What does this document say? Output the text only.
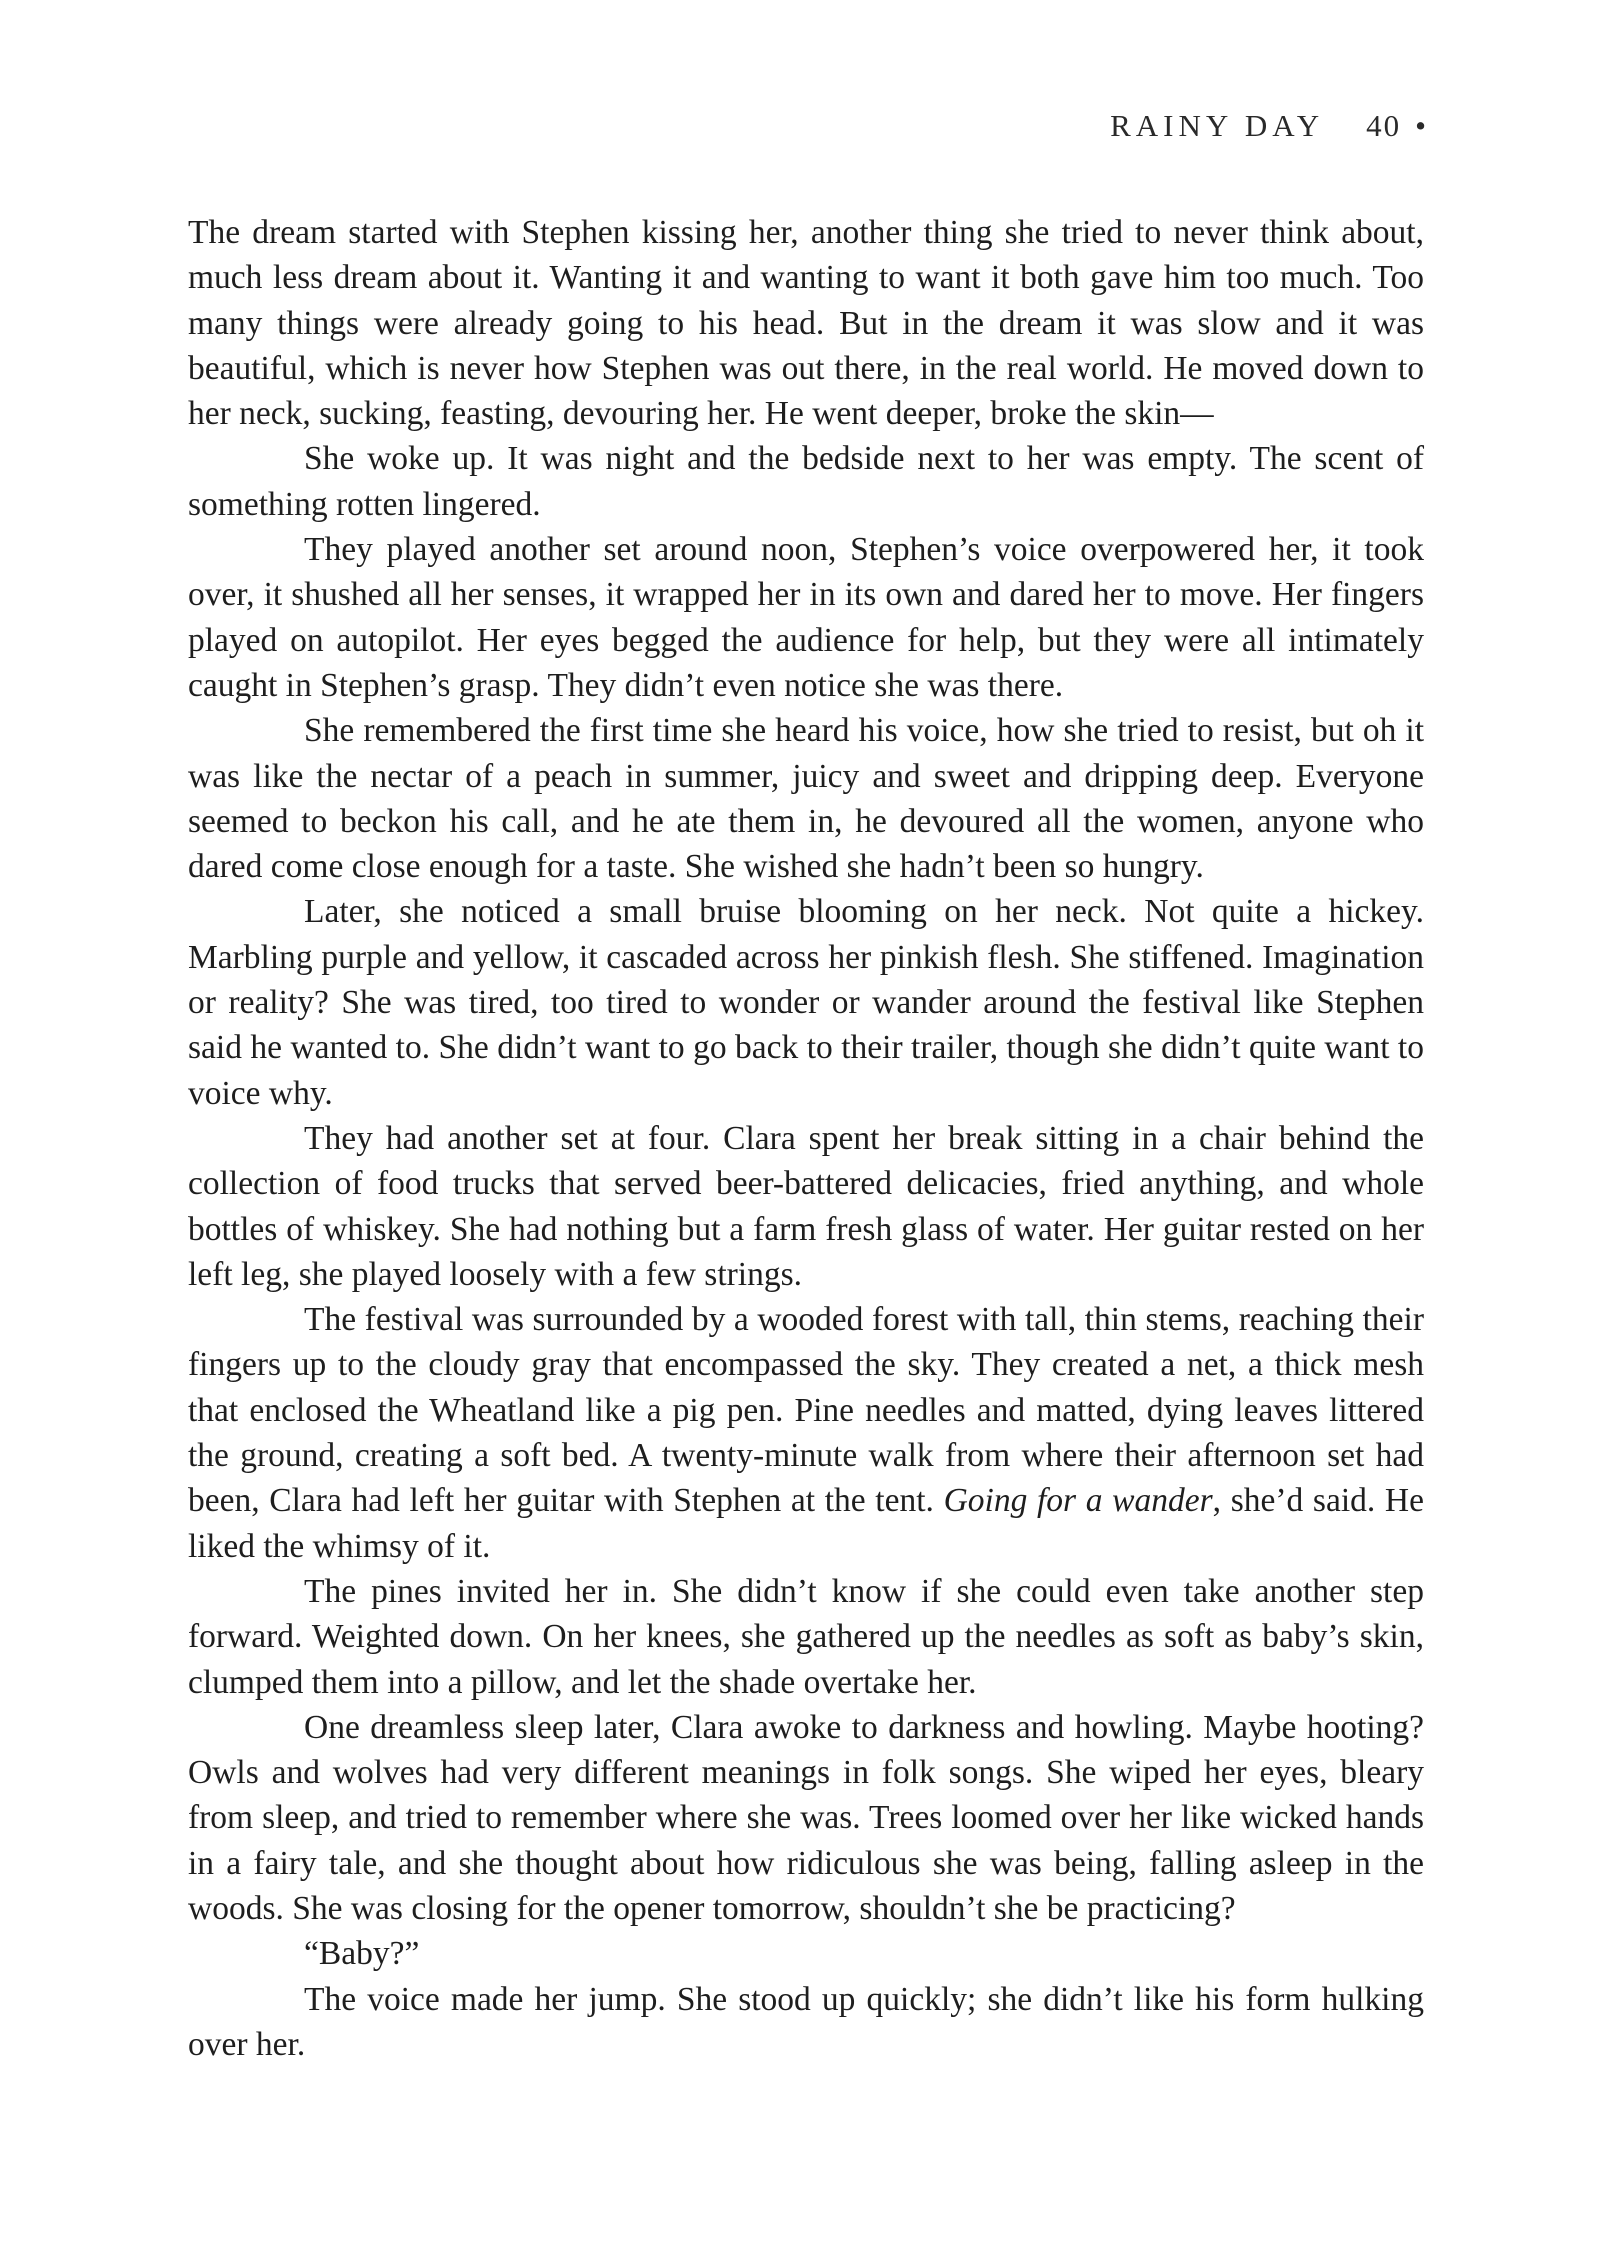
RAINY DAY 40 •

The dream started with Stephen kissing her, another thing she tried to never think about, much less dream about it. Wanting it and wanting to want it both gave him too much. Too many things were already going to his head. But in the dream it was slow and it was beautiful, which is never how Stephen was out there, in the real world. He moved down to her neck, sucking, feasting, devouring her. He went deeper, broke the skin—

She woke up. It was night and the bedside next to her was empty. The scent of something rotten lingered.

They played another set around noon, Stephen’s voice overpowered her, it took over, it shushed all her senses, it wrapped her in its own and dared her to move. Her fingers played on autopilot. Her eyes begged the audience for help, but they were all intimately caught in Stephen’s grasp. They didn’t even notice she was there.

She remembered the first time she heard his voice, how she tried to resist, but oh it was like the nectar of a peach in summer, juicy and sweet and dripping deep. Everyone seemed to beckon his call, and he ate them in, he devoured all the women, anyone who dared come close enough for a taste. She wished she hadn’t been so hungry.

Later, she noticed a small bruise blooming on her neck. Not quite a hickey. Marbling purple and yellow, it cascaded across her pinkish flesh. She stiffened. Imagination or reality? She was tired, too tired to wonder or wander around the festival like Stephen said he wanted to. She didn’t want to go back to their trailer, though she didn’t quite want to voice why.

They had another set at four. Clara spent her break sitting in a chair behind the collection of food trucks that served beer-battered delicacies, fried anything, and whole bottles of whiskey. She had nothing but a farm fresh glass of water. Her guitar rested on her left leg, she played loosely with a few strings.

The festival was surrounded by a wooded forest with tall, thin stems, reaching their fingers up to the cloudy gray that encompassed the sky. They created a net, a thick mesh that enclosed the Wheatland like a pig pen. Pine needles and matted, dying leaves littered the ground, creating a soft bed. A twenty-minute walk from where their afternoon set had been, Clara had left her guitar with Stephen at the tent. Going for a wander, she’d said. He liked the whimsy of it.

The pines invited her in. She didn’t know if she could even take another step forward. Weighted down. On her knees, she gathered up the needles as soft as baby’s skin, clumped them into a pillow, and let the shade overtake her.

One dreamless sleep later, Clara awoke to darkness and howling. Maybe hooting? Owls and wolves had very different meanings in folk songs. She wiped her eyes, bleary from sleep, and tried to remember where she was. Trees loomed over her like wicked hands in a fairy tale, and she thought about how ridiculous she was being, falling asleep in the woods. She was closing for the opener tomorrow, shouldn’t she be practicing?

“Baby?”

The voice made her jump. She stood up quickly; she didn’t like his form hulking over her.
